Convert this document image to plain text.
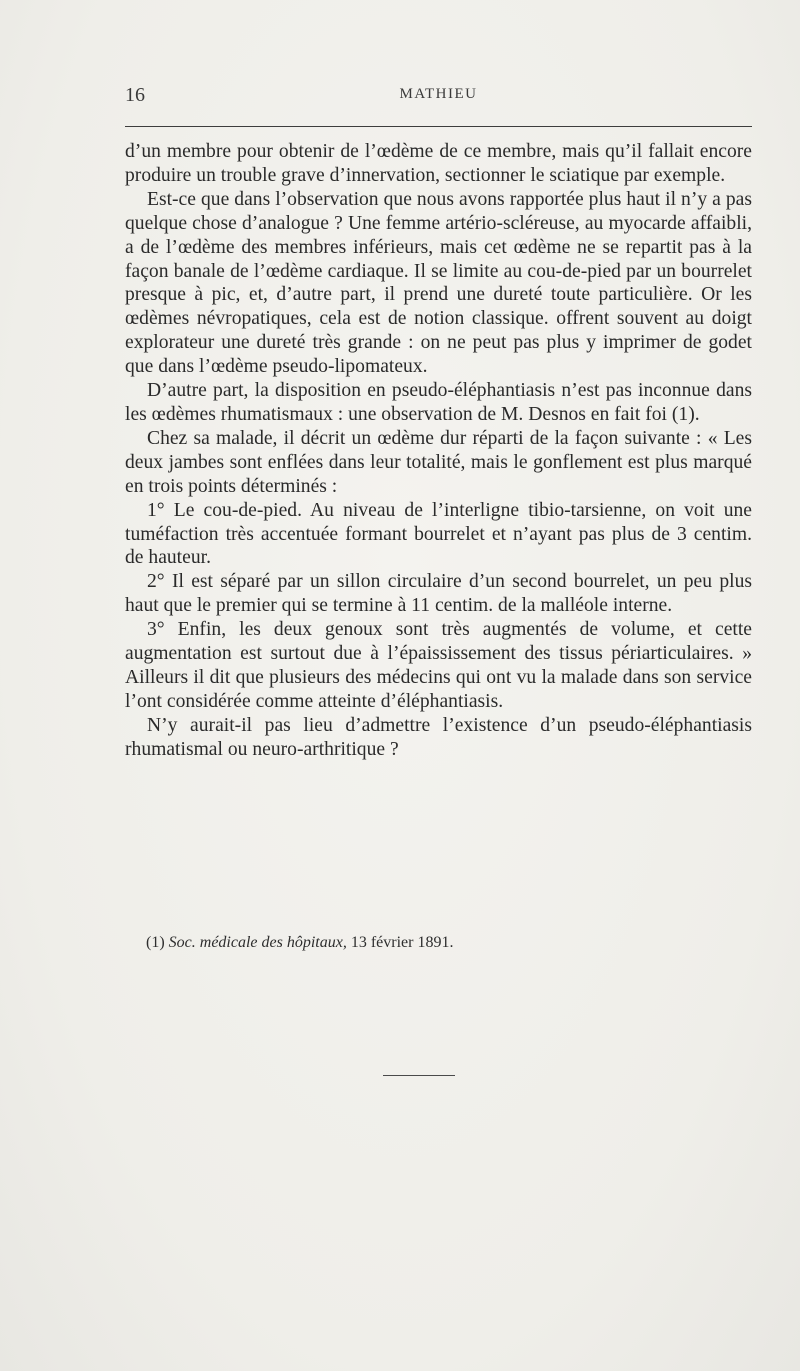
16	MATHIEU

d’un membre pour obtenir de l’œdème de ce membre, mais qu’il fallait encore produire un trouble grave d’innervation, sectionner le sciatique par exemple.

Est-ce que dans l’observation que nous avons rapportée plus haut il n’y a pas quelque chose d’analogue ? Une femme artério-scléreuse, au myocarde affaibli, a de l’œdème des membres inférieurs, mais cet œdème ne se repartit pas à la façon banale de l’œdème cardiaque. Il se limite au cou-de-pied par un bourrelet presque à pic, et, d’autre part, il prend une dureté toute particulière. Or les œdèmes névropatiques, cela est de notion classique. offrent souvent au doigt explorateur une dureté très grande : on ne peut pas plus y imprimer de godet que dans l’œdème pseudo-lipomateux.

D’autre part, la disposition en pseudo-éléphantiasis n’est pas inconnue dans les œdèmes rhumatismaux : une observation de M. Desnos en fait foi (1).

Chez sa malade, il décrit un œdème dur réparti de la façon suivante : « Les deux jambes sont enflées dans leur totalité, mais le gonflement est plus marqué en trois points déterminés :

1° Le cou-de-pied. Au niveau de l’interligne tibio-tarsienne, on voit une tuméfaction très accentuée formant bourrelet et n’ayant pas plus de 3 centim. de hauteur.

2° Il est séparé par un sillon circulaire d’un second bourrelet, un peu plus haut que le premier qui se termine à 11 centim. de la malléole interne.

3° Enfin, les deux genoux sont très augmentés de volume, et cette augmentation est surtout due à l’épaississement des tissus périarticulaires. » Ailleurs il dit que plusieurs des médecins qui ont vu la malade dans son service l’ont considérée comme atteinte d’éléphantiasis.

N’y aurait-il pas lieu d’admettre l’existence d’un pseudo-éléphantiasis rhumatismal ou neuro-arthritique ?

(1) Soc. médicale des hôpitaux, 13 février 1891.
